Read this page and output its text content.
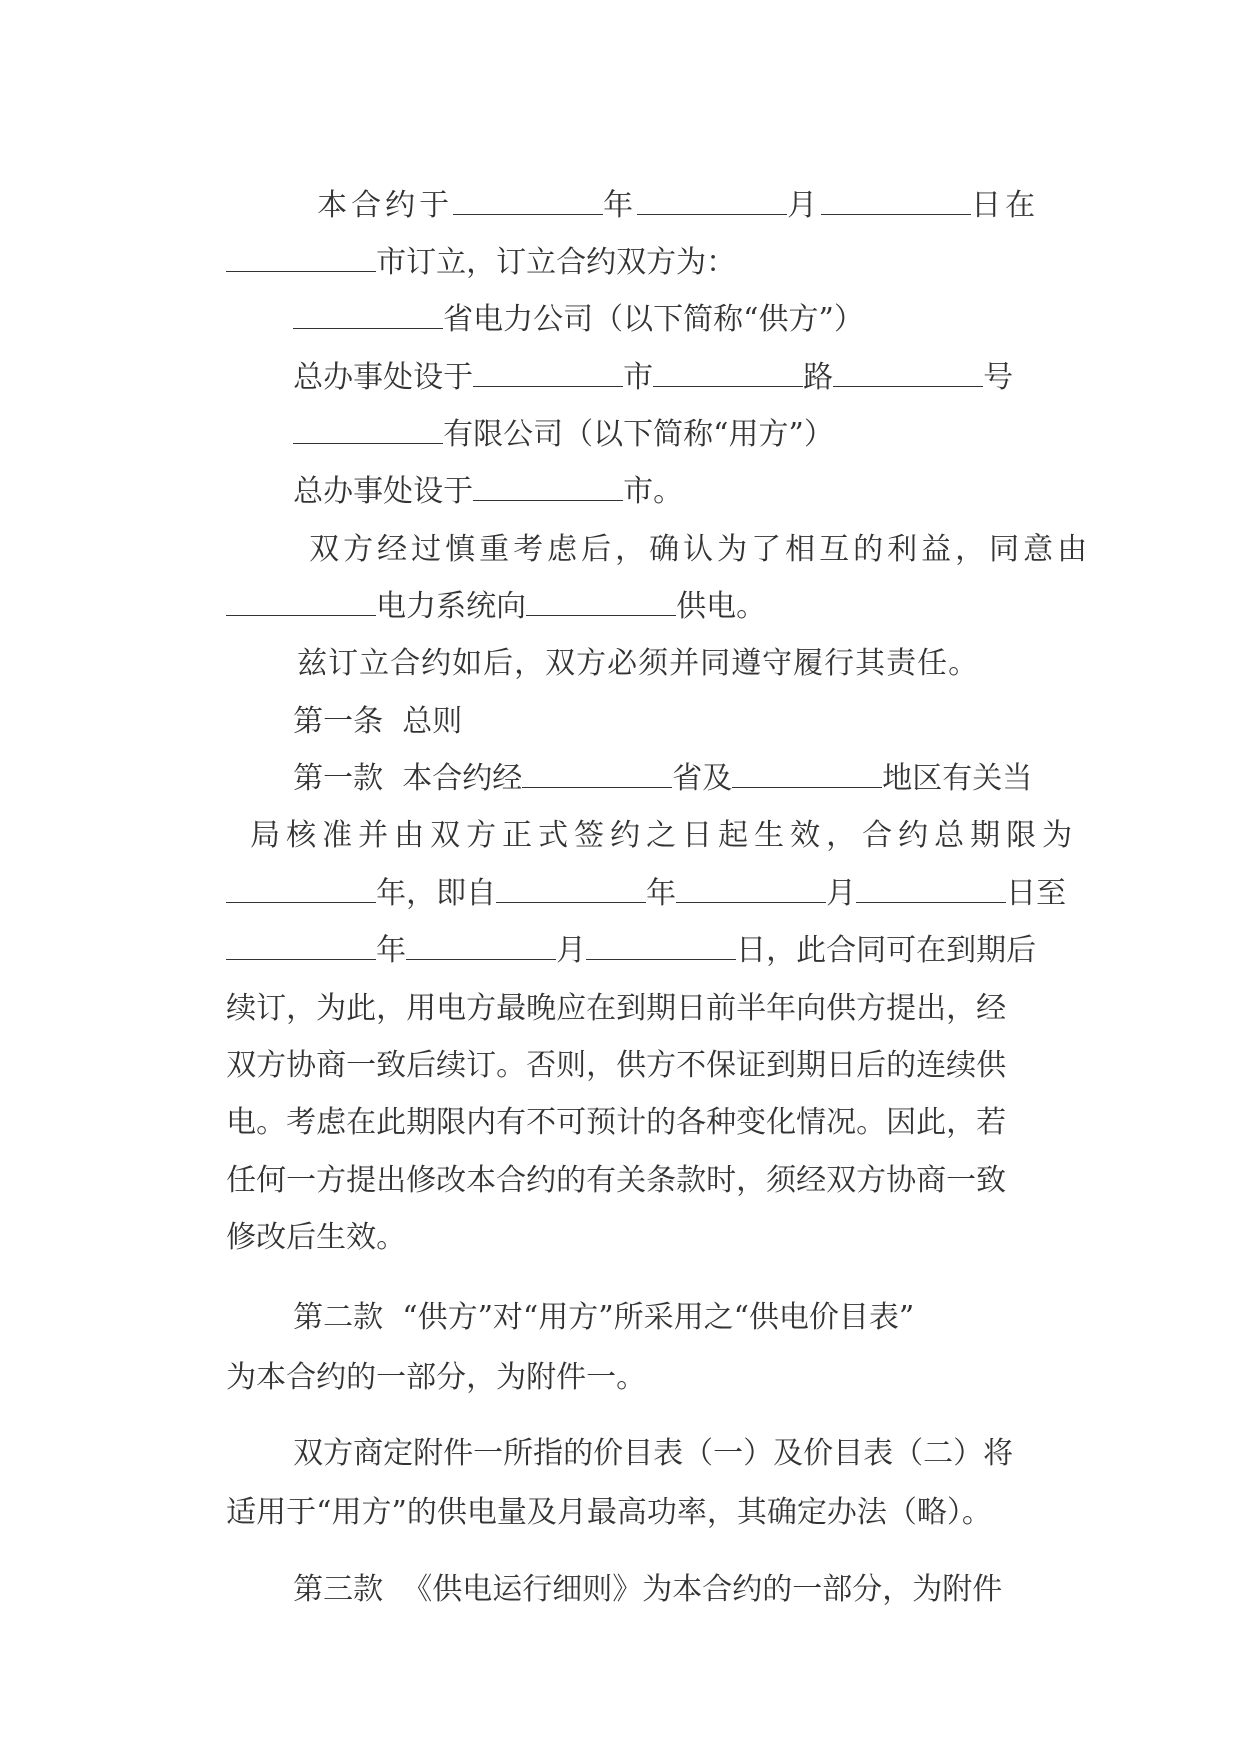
本合约于	年	月	日在

市订立，订立合约双方为：

省电力公司（以下简称“供方”）

总办事处设于	市	路	号

有限公司（以下简称“用方”）

总办事处设于	市。

双方经过慎重考虑后，确认为了相互的利益，同意由

电力系统向	供电。

兹订立合约如后，双方必须并同遵守履行其责任。

第一条  总则

第一款  本合约经	省及	地区有关当

局核准并由双方正式签约之日起生效，合约总期限为

年，即自	年	月	日至

年	月	日，此合同可在到期后

续订，为此，用电方最晚应在到期日前半年向供方提出，经

双方协商一致后续订。否则，供方不保证到期日后的连续供

电。考虑在此期限内有不可预计的各种变化情况。因此，若

任何一方提出修改本合约的有关条款时，须经双方协商一致

修改后生效。

第二款  “供方”对“用方”所采用之“供电价目表”

为本合约的一部分，为附件一。

双方商定附件一所指的价目表（一）及价目表（二）将

适用于“用方”的供电量及月最高功率，其确定办法（略）。

第三款  《供电运行细则》为本合约的一部分，为附件
